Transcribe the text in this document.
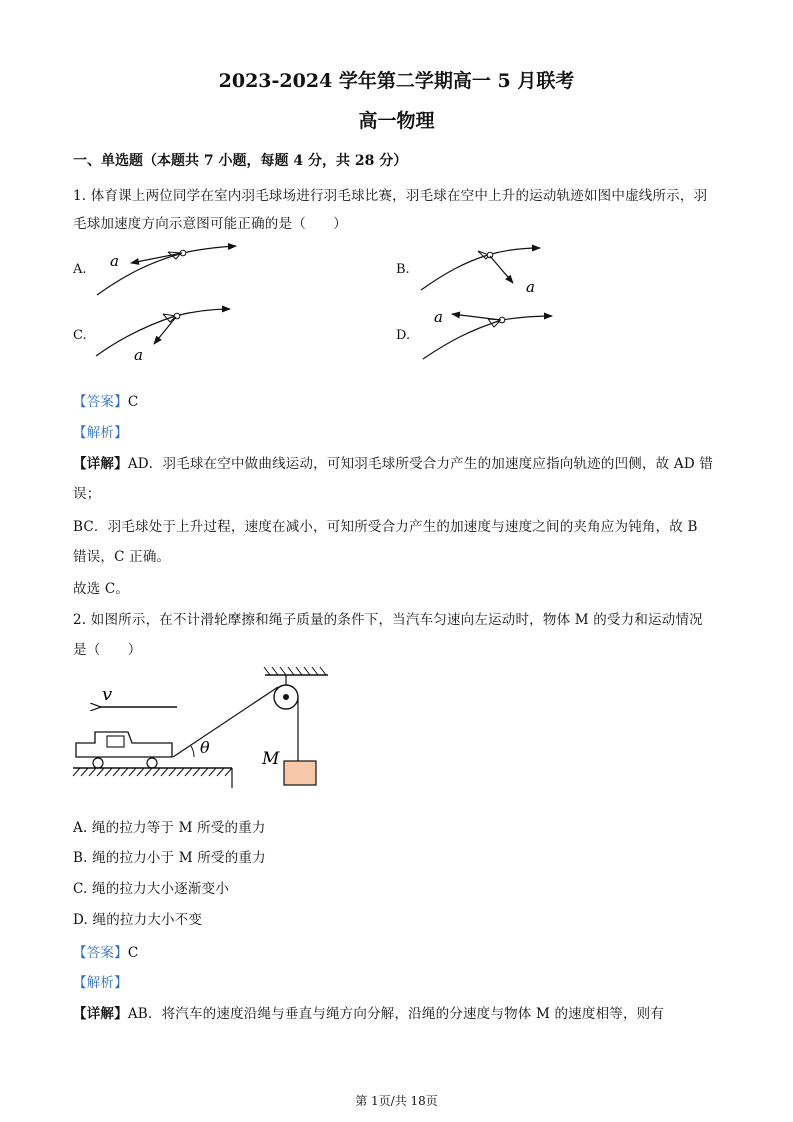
2023-2024 学年第二学期高一 5 月联考
高一物理
一、单选题（本题共 7 小题，每题 4 分，共 28 分）
1. 体育课上两位同学在室内羽毛球场进行羽毛球比赛，羽毛球在空中上升的运动轨迹如图中虚线所示，羽
毛球加速度方向示意图可能正确的是（　　）
A.	B.
C.	D.
a
a
a
a
【答案】C
【解析】
【详解】AD．羽毛球在空中做曲线运动，可知羽毛球所受合力产生的加速度应指向轨迹的凹侧，故 AD 错
误；
BC．羽毛球处于上升过程，速度在减小，可知所受合力产生的加速度与速度之间的夹角应为钝角，故 B
错误，C 正确。
故选 C。
2. 如图所示，在不计滑轮摩擦和绳子质量的条件下，当汽车匀速向左运动时，物体 M 的受力和运动情况
是（　　）
v
M
θ
A. 绳的拉力等于 M 所受的重力
B. 绳的拉力小于 M 所受的重力
C. 绳的拉力大小逐渐变小
D. 绳的拉力大小不变
【答案】C
【解析】
【详解】AB．将汽车的速度沿绳与垂直与绳方向分解，沿绳的分速度与物体 M 的速度相等，则有
第 1页/共 18页
